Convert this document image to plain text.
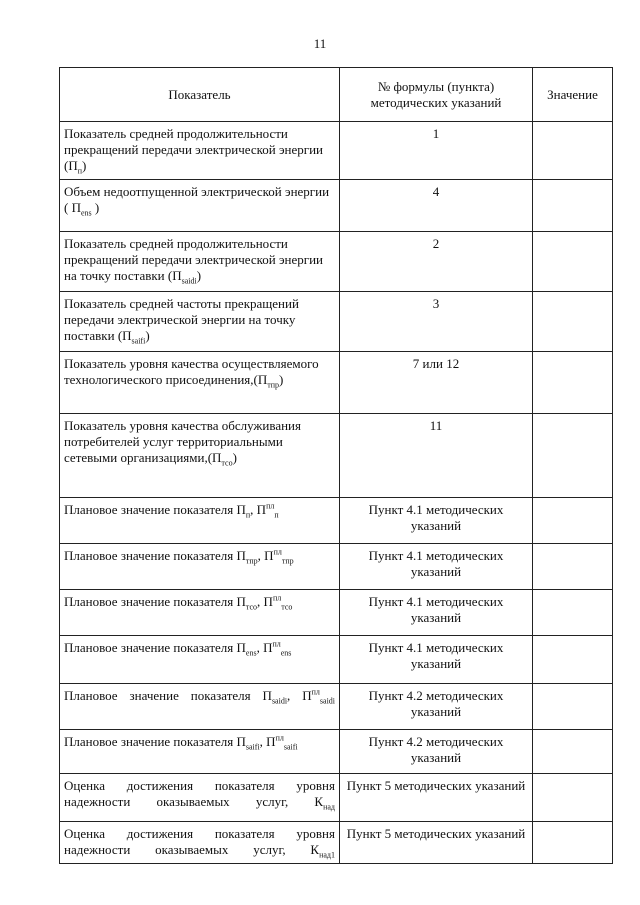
11
Показатель	№ формулы (пункта) методических указаний	Значение
Показатель средней продолжительности прекращений передачи электрической энергии $(П_п)$	1	
Объем недоотпущенной электрической энергии ( $П_{ens}$ )	4	
Показатель средней продолжительности прекращений передачи электрической энергии на точку поставки $(П_{saidi})$	2	
Показатель средней частоты прекращений передачи электрической энергии на точку поставки $(П_{saifi})$	3	
Показатель уровня качества осуществляемого технологического $присоединения,(П_{тпр})$	7 или 12	
Показатель уровня качества обслуживания потребителей услуг территориальными сетевыми $организациями,(П_{тсо})$	11	
Плановое значение показателя $П_п$, $П^{пл}_п$	Пункт 4.1 методических указаний	
Плановое значение показателя $П_{тпр}$, $П^{пл}_{тпр}$	Пункт 4.1 методических указаний	
Плановое значение показателя $П_{тсо}$, $П^{пл}_{тсо}$	Пункт 4.1 методических указаний	
Плановое значение показателя $П_{ens}$, $П^{пл}_{ens}$	Пункт 4.1 методических указаний	
Плановое значение показателя $П_{saidi}$, $П^{пл}_{saidi}$	Пункт 4.2 методических указаний	
Плановое значение показателя $П_{saifi}$, $П^{пл}_{saifi}$	Пункт 4.2 методических указаний	
Оценка достижения показателя уровня надежности оказываемых услуг, $К_{над}$	Пункт 5 методических указаний	
Оценка достижения показателя уровня надежности оказываемых услуг, $К_{над1}$	Пункт 5 методических указаний	
